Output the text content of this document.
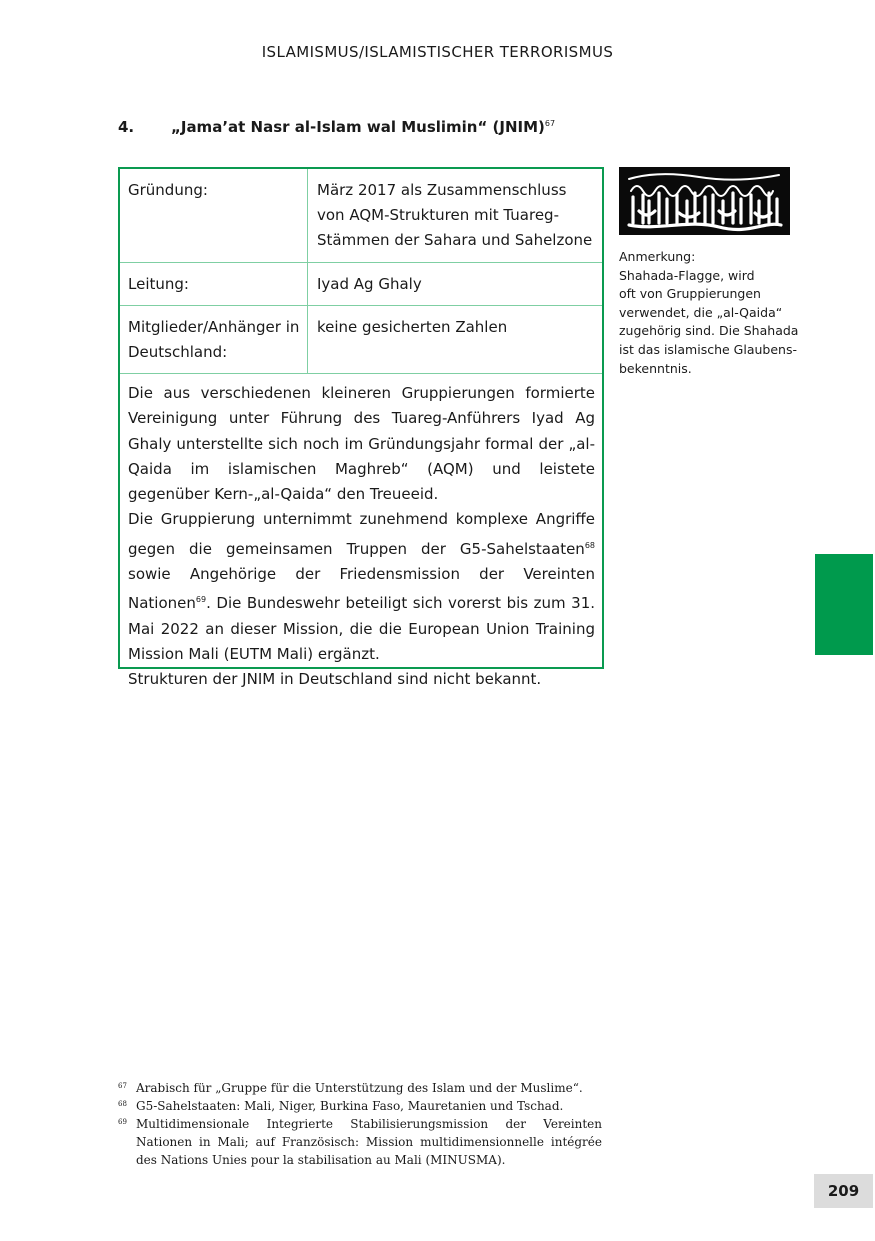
ISLAMISMUS/ISLAMISTISCHER TERRORISMUS
4. „Jama’at Nasr al-Islam wal Muslimin“ (JNIM)$^{67}$
Gründung:	März 2017 als Zusammenschluss von AQM-Strukturen mit Tuareg-Stämmen der Sahara und Sahelzone
Leitung:	Iyad Ag Ghaly
Mitglieder/Anhänger in Deutschland:
keine gesicherten Zahlen

Die aus verschiedenen kleineren Gruppierungen formierte Vereinigung unter Führung des Tuareg-Anführers Iyad Ag Ghaly unterstellte sich noch im Gründungsjahr formal der „al-Qaida im islamischen Maghreb“ (AQM) und leistete gegenüber Kern-„al-Qaida“ den Treueeid.

Die Gruppierung unternimmt zunehmend komplexe Angriffe gegen die gemeinsamen Truppen der G5-Sahelstaaten$^{68}$ sowie Angehörige der Friedensmission der Vereinten Nationen$^{69}$. Die Bundeswehr beteiligt sich vorerst bis zum 31. Mai 2022 an dieser Mission, die die European Union Training Mission Mali (EUTM Mali) ergänzt.

Strukturen der JNIM in Deutschland sind nicht bekannt.

Anmerkung:
Shahada-Flagge, wird
oft von Gruppierungen
verwendet, die „al-Qaida“
zugehörig sind. Die Shahada
ist das islamische Glaubens-
bekenntnis.
67 Arabisch für „Gruppe für die Unterstützung des Islam und der Muslime“.
68 G5-Sahelstaaten: Mali, Niger, Burkina Faso, Mauretanien und Tschad.
69 Multidimensionale Integrierte Stabilisierungsmission der Vereinten Nationen in Mali; auf Französisch: Mission multidimensionnelle intégrée des Nations Unies pour la stabilisation au Mali (MINUSMA).
209
